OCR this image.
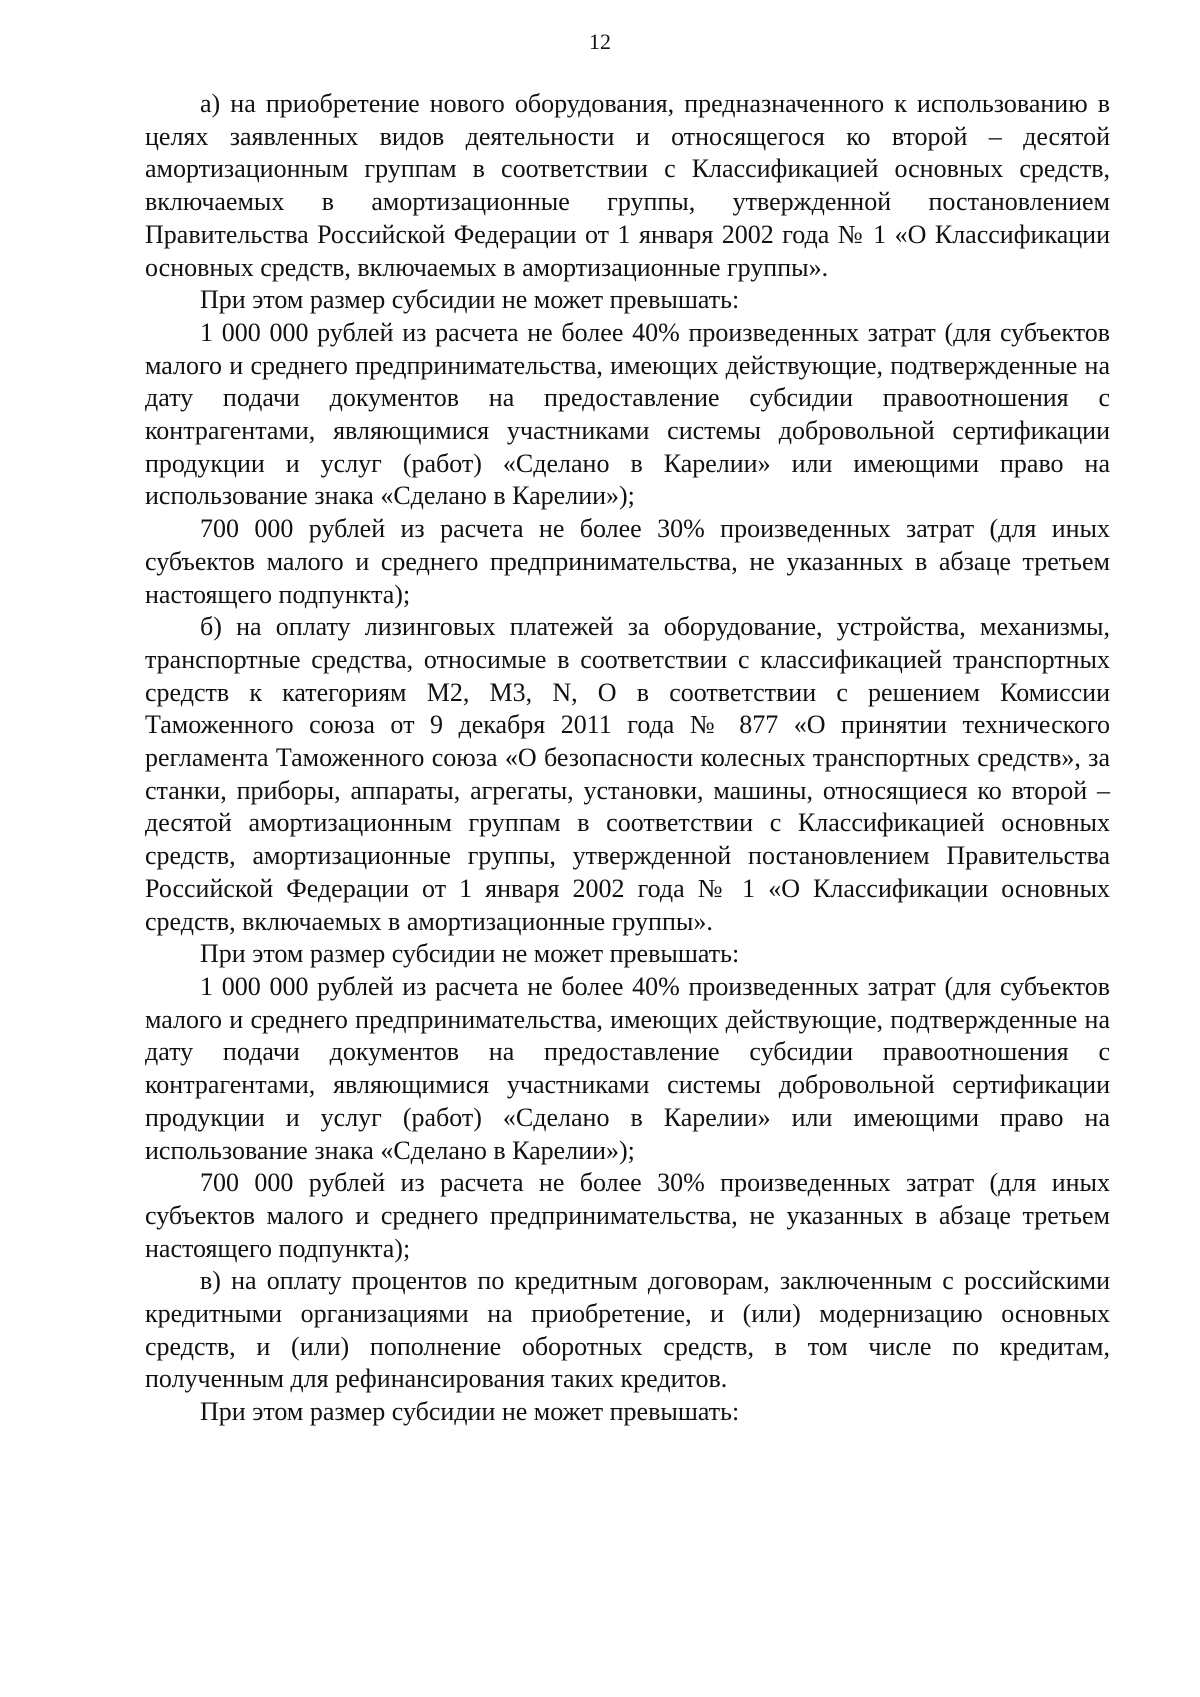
12

а) на приобретение нового оборудования, предназначенного к использованию в целях заявленных видов деятельности и относящегося ко второй – десятой амортизационным группам в соответствии с Классификацией основных средств, включаемых в амортизационные группы, утвержденной постановлением Правительства Российской Федерации от 1 января 2002 года № 1 «О Классификации основных средств, включаемых в амортизационные группы».

При этом размер субсидии не может превышать:

1 000 000 рублей из расчета не более 40% произведенных затрат (для субъектов малого и среднего предпринимательства, имеющих действующие, подтвержденные на дату подачи документов на предоставление субсидии правоотношения с контрагентами, являющимися участниками системы добровольной сертификации продукции и услуг (работ) «Сделано в Карелии» или имеющими право на использование знака «Сделано в Карелии»);

700 000 рублей из расчета не более 30% произведенных затрат (для иных субъектов малого и среднего предпринимательства, не указанных в абзаце третьем настоящего подпункта);

б) на оплату лизинговых платежей за оборудование, устройства, механизмы, транспортные средства, относимые в соответствии с классификацией транспортных средств к категориям M2, M3, N, O в соответствии с решением Комиссии Таможенного союза от 9 декабря 2011 года № 877 «О принятии технического регламента Таможенного союза «О безопасности колесных транспортных средств», за станки, приборы, аппараты, агрегаты, установки, машины, относящиеся ко второй – десятой амортизационным группам в соответствии с Классификацией основных средств, амортизационные группы, утвержденной постановлением Правительства Российской Федерации от 1 января 2002 года № 1 «О Классификации основных средств, включаемых в амортизационные группы».

При этом размер субсидии не может превышать:

1 000 000 рублей из расчета не более 40% произведенных затрат (для субъектов малого и среднего предпринимательства, имеющих действующие, подтвержденные на дату подачи документов на предоставление субсидии правоотношения с контрагентами, являющимися участниками системы добровольной сертификации продукции и услуг (работ) «Сделано в Карелии» или имеющими право на использование знака «Сделано в Карелии»);

700 000 рублей из расчета не более 30% произведенных затрат (для иных субъектов малого и среднего предпринимательства, не указанных в абзаце третьем настоящего подпункта);

в) на оплату процентов по кредитным договорам, заключенным с российскими кредитными организациями на приобретение, и (или) модернизацию основных средств, и (или) пополнение оборотных средств, в том числе по кредитам, полученным для рефинансирования таких кредитов.

При этом размер субсидии не может превышать:
